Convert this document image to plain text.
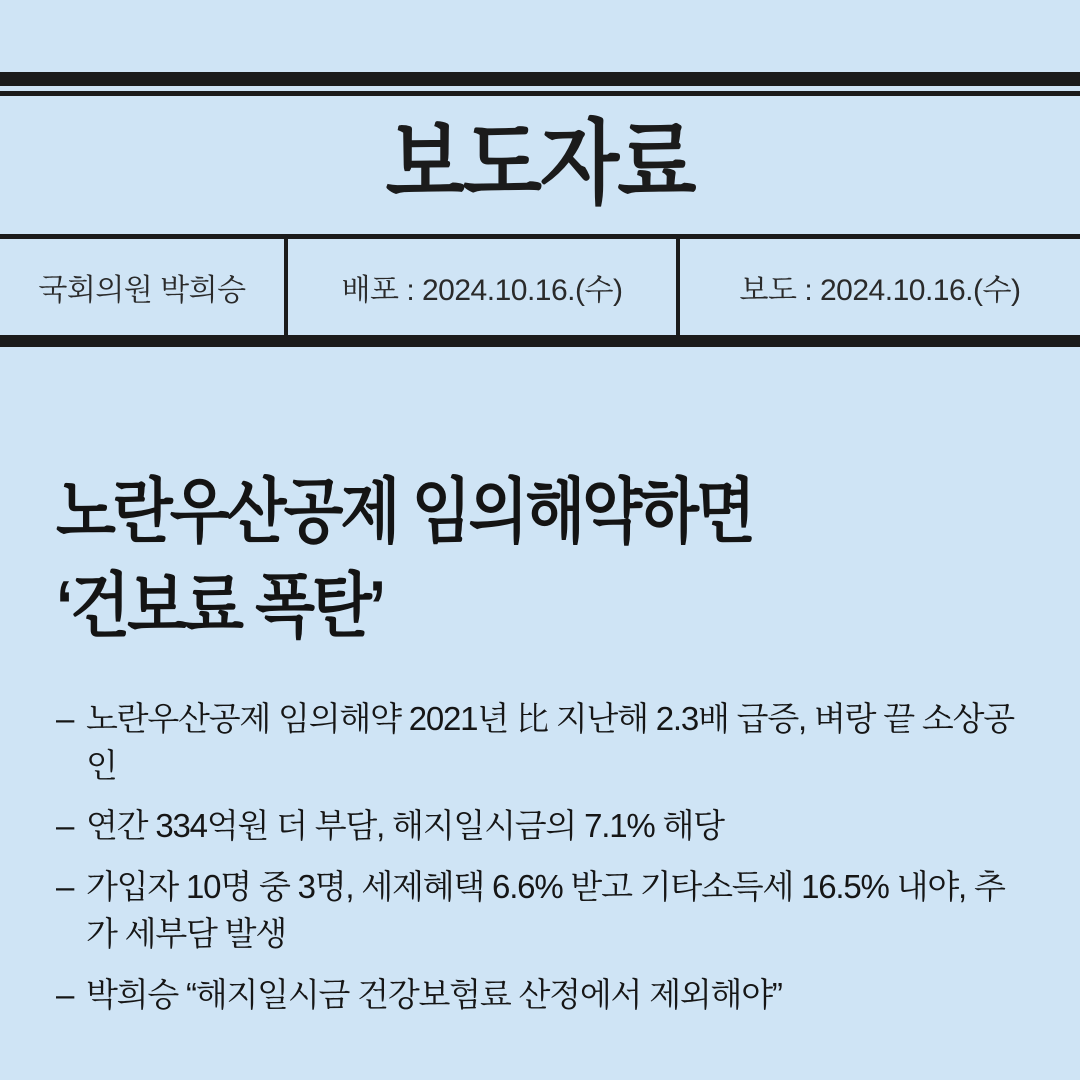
보도자료
국회의원 박희승	배포 : 2024.10.16.(수)	보도 : 2024.10.16.(수)
노란우산공제 임의해약하면
‘건보료 폭탄’
– 노란우산공제 임의해약 2021년 比 지난해 2.3배 급증, 벼랑 끝 소상공인
– 연간 334억원 더 부담, 해지일시금의 7.1% 해당
– 가입자 10명 중 3명, 세제혜택 6.6% 받고 기타소득세 16.5% 내야, 추가 세부담 발생
– 박희승 “해지일시금 건강보험료 산정에서 제외해야”
